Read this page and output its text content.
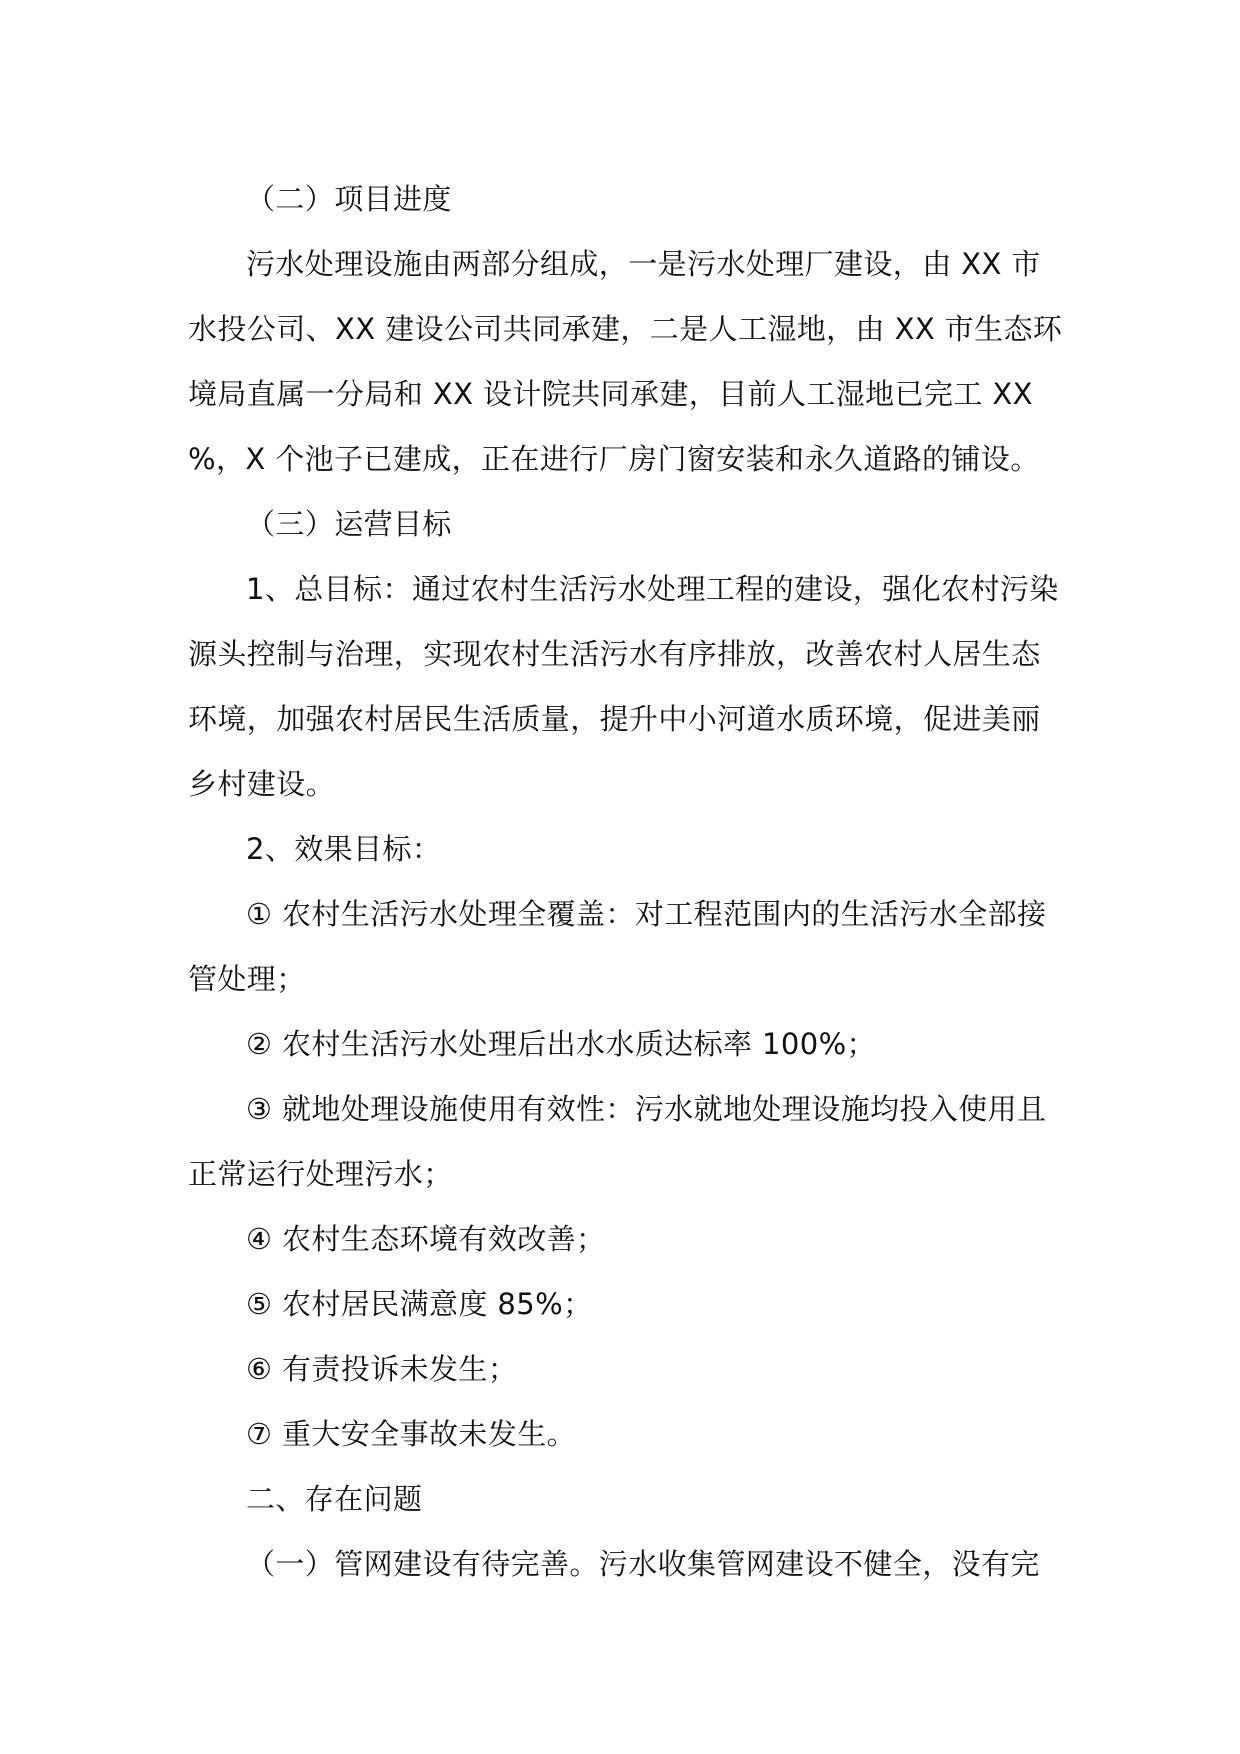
（二）项目进度
污水处理设施由两部分组成，一是污水处理厂建设，由 XX 市
水投公司、XX 建设公司共同承建，二是人工湿地，由 XX 市生态环
境局直属一分局和 XX 设计院共同承建，目前人工湿地已完工 XX
%，X 个池子已建成，正在进行厂房门窗安装和永久道路的铺设。
（三）运营目标
1、总目标：通过农村生活污水处理工程的建设，强化农村污染
源头控制与治理，实现农村生活污水有序排放，改善农村人居生态
环境，加强农村居民生活质量，提升中小河道水质环境，促进美丽
乡村建设。
2、效果目标：
① 农村生活污水处理全覆盖：对工程范围内的生活污水全部接
管处理；
② 农村生活污水处理后出水水质达标率 100%；
③ 就地处理设施使用有效性：污水就地处理设施均投入使用且
正常运行处理污水；
④ 农村生态环境有效改善；
⑤ 农村居民满意度 85%；
⑥ 有责投诉未发生；
⑦ 重大安全事故未发生。
二、存在问题
（一）管网建设有待完善。污水收集管网建设不健全，没有完
